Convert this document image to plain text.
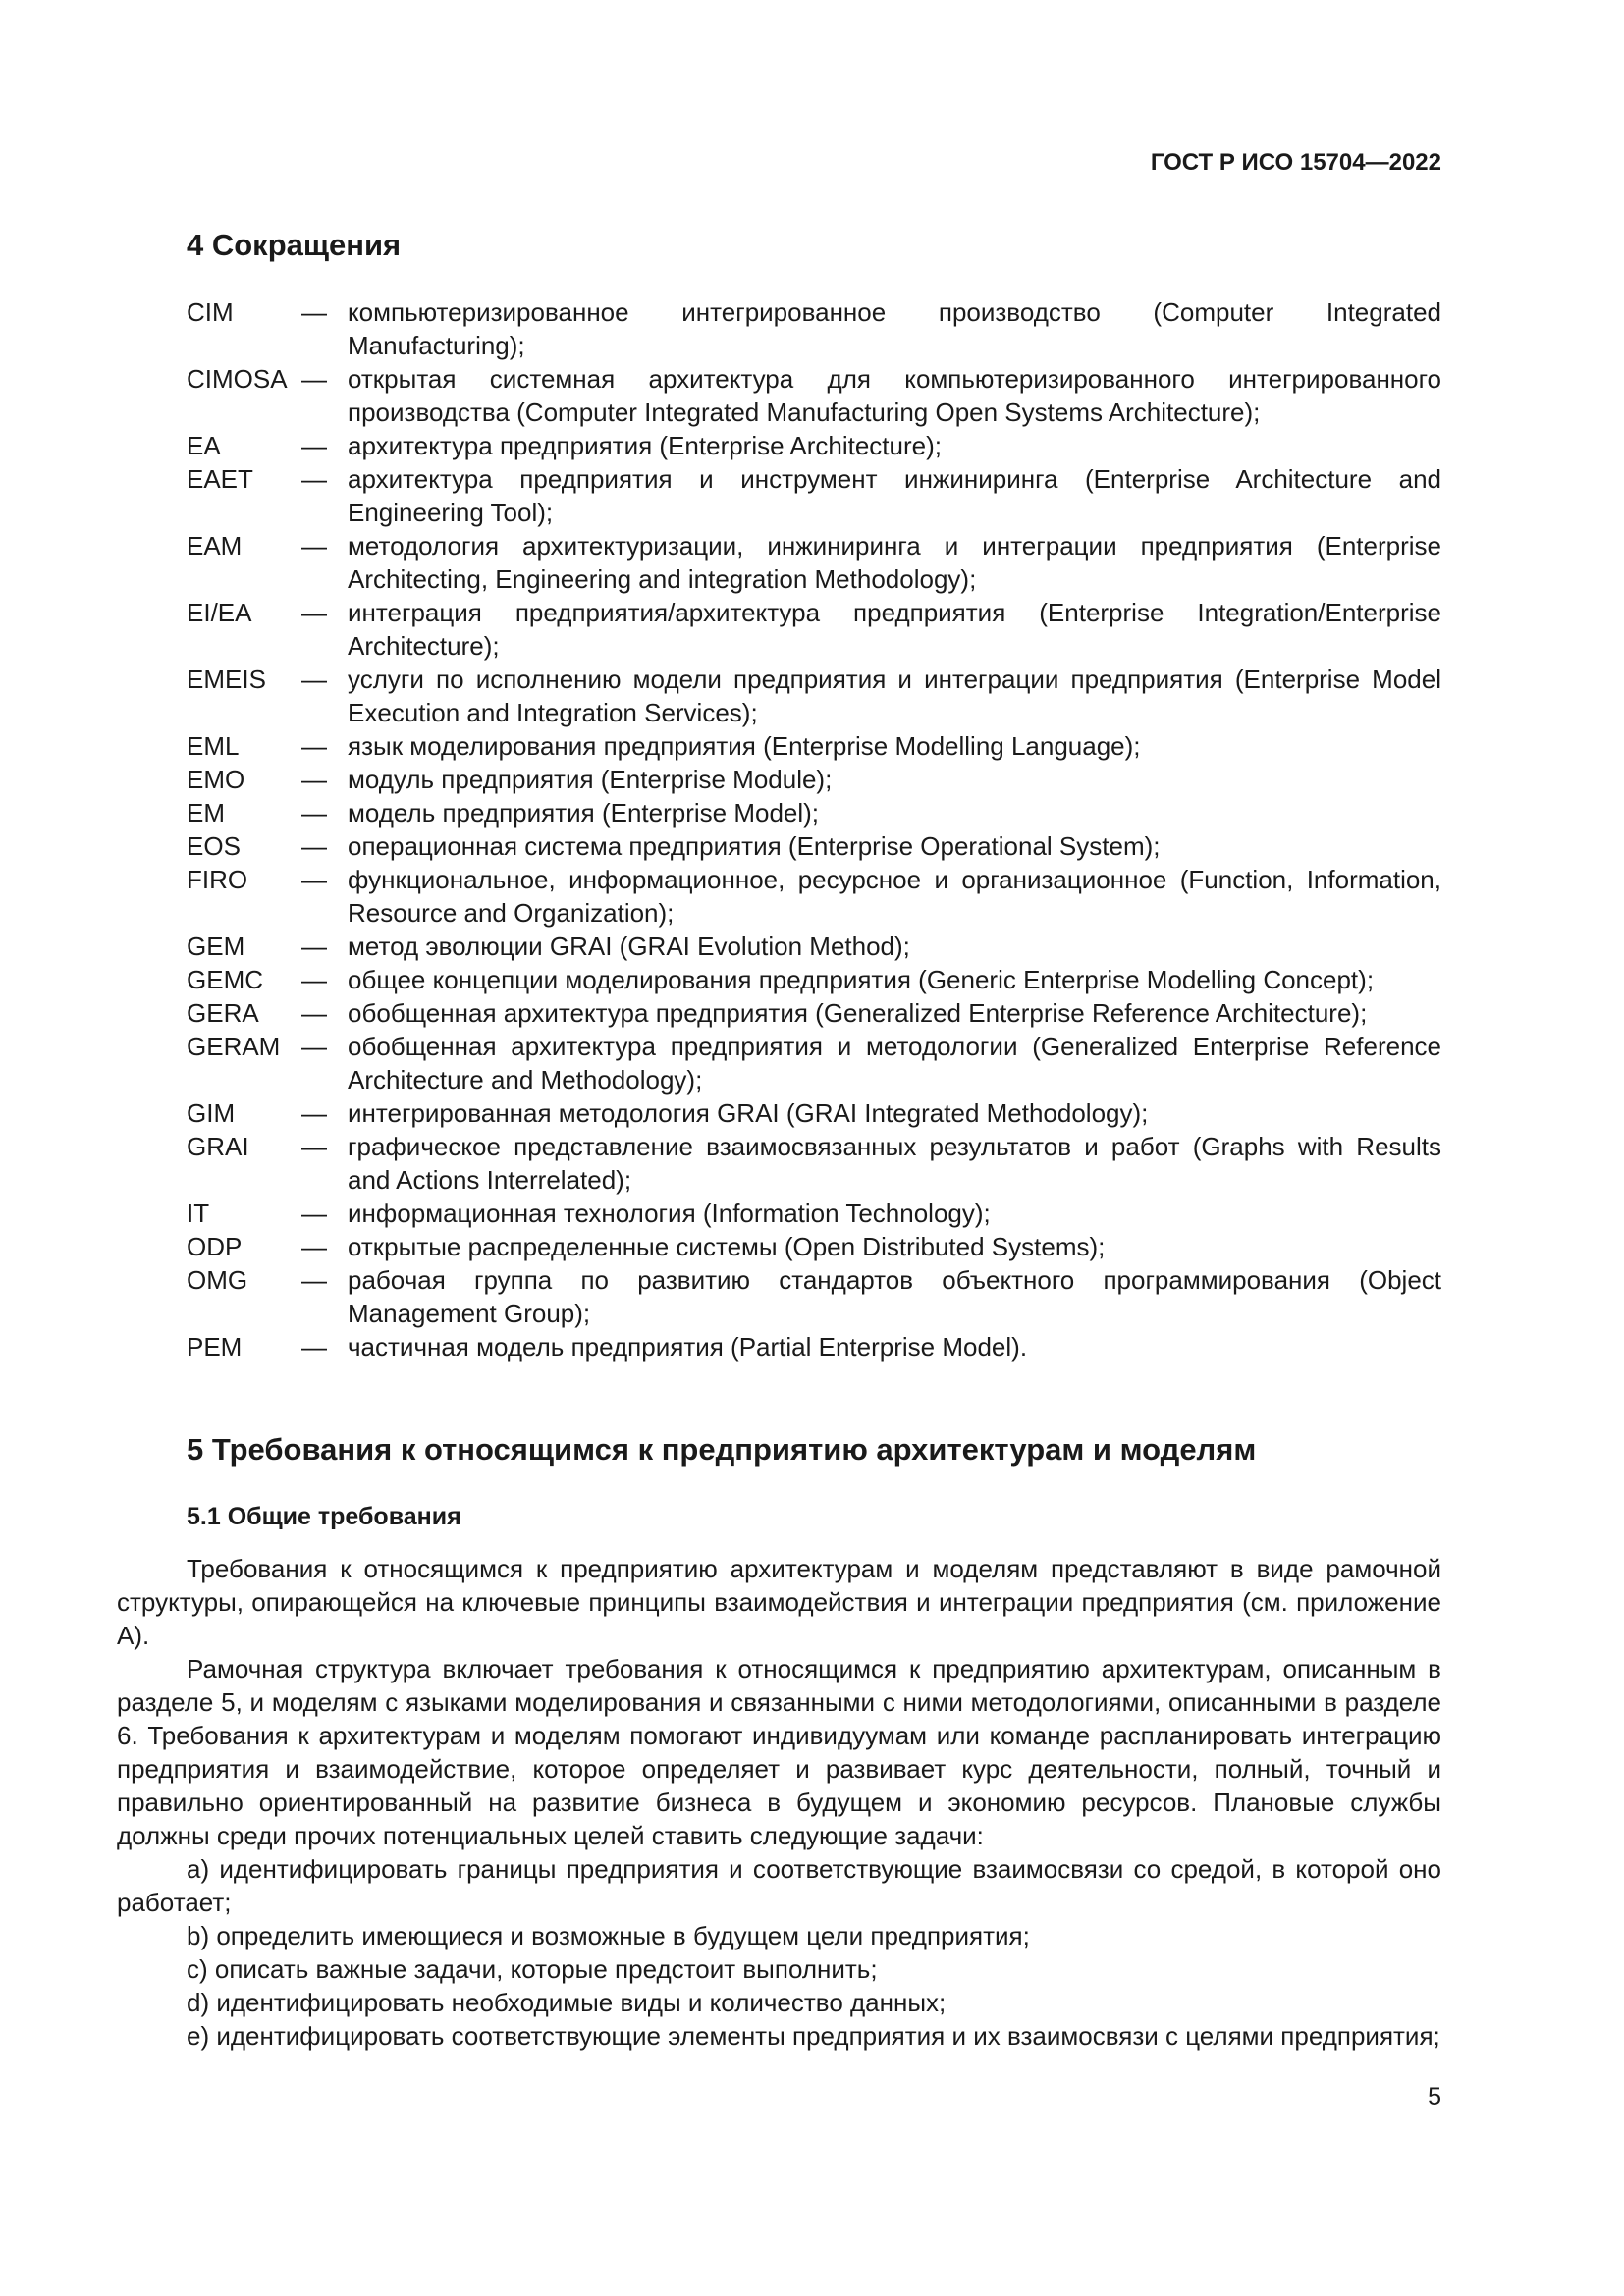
ГОСТ Р ИСО 15704—2022

4 Сокращения
CIM	— компьютеризированное интегрированное производство (Computer Integrated Manufacturing);
CIMOSA — открытая системная архитектура для компьютеризированного интегрированного производства (Computer Integrated Manufacturing Open Systems Architecture);
EA	— архитектура предприятия (Enterprise Architecture);
EAET	— архитектура предприятия и инструмент инжиниринга (Enterprise Architecture and Engineering Tool);
EAM	— методология архитектуризации, инжиниринга и интеграции предприятия (Enterprise Architecting, Engineering and integration Methodology);
EI/EA	— интеграция предприятия/архитектура предприятия (Enterprise Integration/Enterprise Architecture);
EMEIS	— услуги по исполнению модели предприятия и интеграции предприятия (Enterprise Model Execution and Integration Services);
EML	— язык моделирования предприятия (Enterprise Modelling Language);
EMO	— модуль предприятия (Enterprise Module);
EM	— модель предприятия (Enterprise Model);
EOS	— операционная система предприятия (Enterprise Operational System);
FIRO	— функциональное, информационное, ресурсное и организационное (Function, Information, Resource and Organization);
GEM	— метод эволюции GRAI (GRAI Evolution Method);
GEMC	— общее концепции моделирования предприятия (Generic Enterprise Modelling Concept);
GERA	— обобщенная архитектура предприятия (Generalized Enterprise Reference Architecture);
GERAM — обобщенная архитектура предприятия и методологии (Generalized Enterprise Reference Architecture and Methodology);
GIM	— интегрированная методология GRAI (GRAI Integrated Methodology);
GRAI	— графическое представление взаимосвязанных результатов и работ (Graphs with Results and Actions Interrelated);
IT	— информационная технология (Information Technology);
ODP	— открытые распределенные системы (Open Distributed Systems);
OMG	— рабочая группа по развитию стандартов объектного программирования (Object Management Group);
PEM	— частичная модель предприятия (Partial Enterprise Model).
5 Требования к относящимся к предприятию архитектурам и моделям
5.1 Общие требования

Требования к относящимся к предприятию архитектурам и моделям представляют в виде рамочной структуры, опирающейся на ключевые принципы взаимодействия и интеграции предприятия (см. приложение А).

Рамочная структура включает требования к относящимся к предприятию архитектурам, описанным в разделе 5, и моделям с языками моделирования и связанными с ними методологиями, описанными в разделе 6. Требования к архитектурам и моделям помогают индивидуумам или команде распланировать интеграцию предприятия и взаимодействие, которое определяет и развивает курс деятельности, полный, точный и правильно ориентированный на развитие бизнеса в будущем и экономию ресурсов. Плановые службы должны среди прочих потенциальных целей ставить следующие задачи:

a) идентифицировать границы предприятия и соответствующие взаимосвязи со средой, в которой оно работает;

b) определить имеющиеся и возможные в будущем цели предприятия;

c) описать важные задачи, которые предстоит выполнить;

d) идентифицировать необходимые виды и количество данных;

e) идентифицировать соответствующие элементы предприятия и их взаимосвязи с целями предприятия;

5
